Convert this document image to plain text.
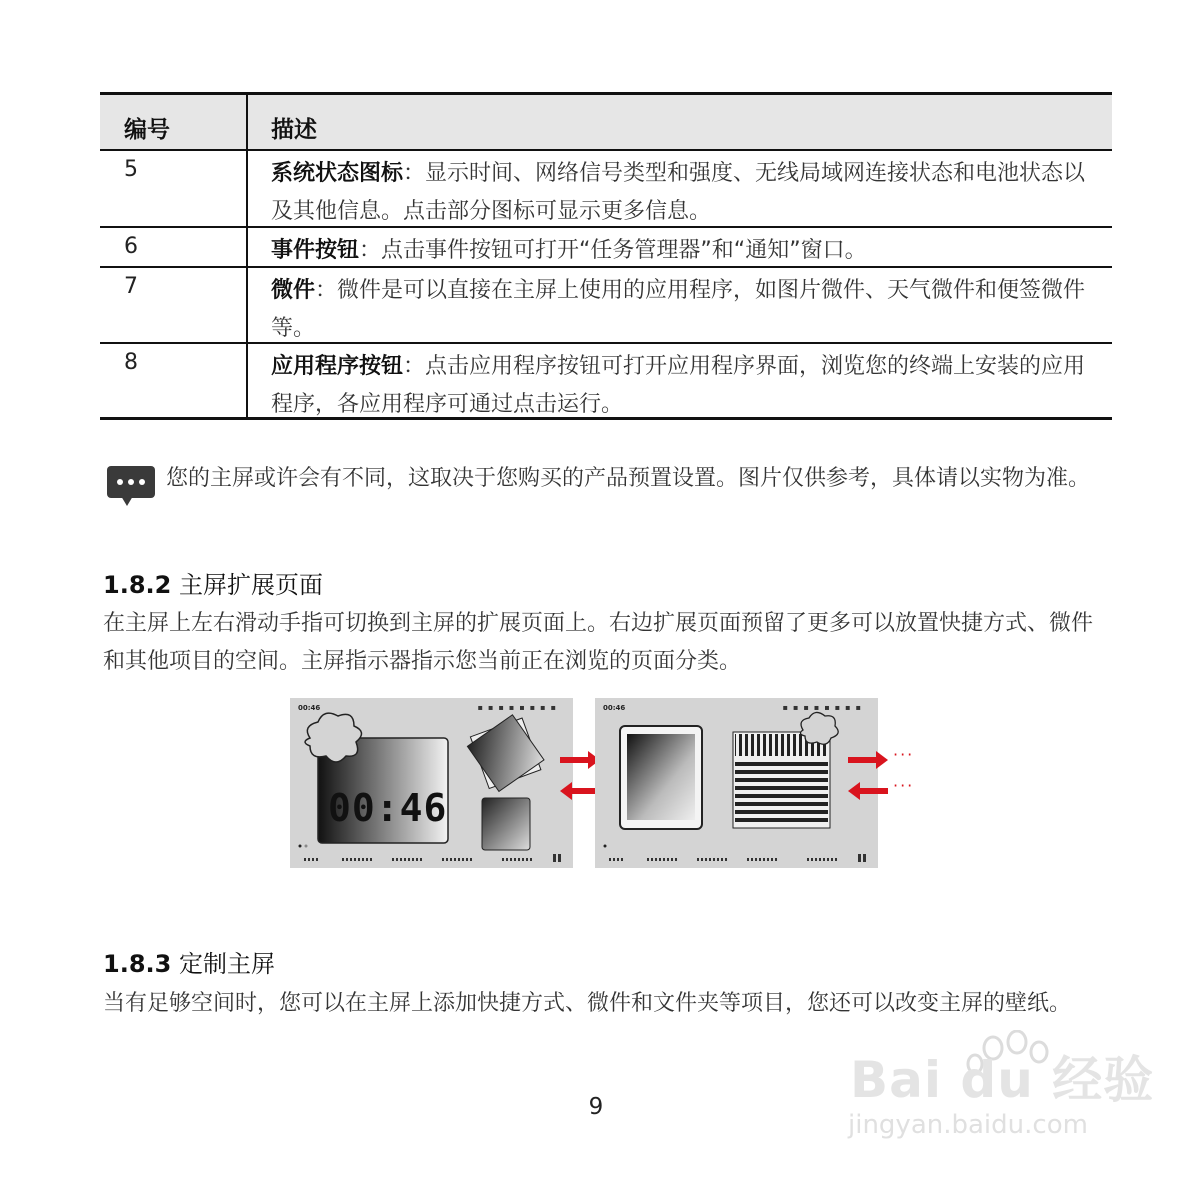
编号	描述
5	系统状态图标：显示时间、网络信号类型和强度、无线局域网连接状态和电池状态以及其他信息。点击部分图标可显示更多信息。
6	事件按钮：点击事件按钮可打开“任务管理器”和“通知”窗口。
7	微件：微件是可以直接在主屏上使用的应用程序，如图片微件、天气微件和便签微件等。
8	应用程序按钮：点击应用程序按钮可打开应用程序界面，浏览您的终端上安装的应用程序，各应用程序可通过点击运行。
您的主屏或许会有不同，这取决于您购买的产品预置设置。图片仅供参考，具体请以实物为准。
1.8.2 主屏扩展页面
在主屏上左右滑动手指可切换到主屏的扩展页面上。右边扩展页面预留了更多可以放置快捷方式、微件和其他项目的空间。主屏指示器指示您当前正在浏览的页面分类。
00:46	▪▪▪▪▪▪▪▪
00:46
00:46	▪▪▪▪▪▪▪▪
···
···
1.8.3 定制主屏
当有足够空间时，您可以在主屏上添加快捷方式、微件和文件夹等项目，您还可以改变主屏的壁纸。
9	Bai du 经验
jingyan.baidu.com
